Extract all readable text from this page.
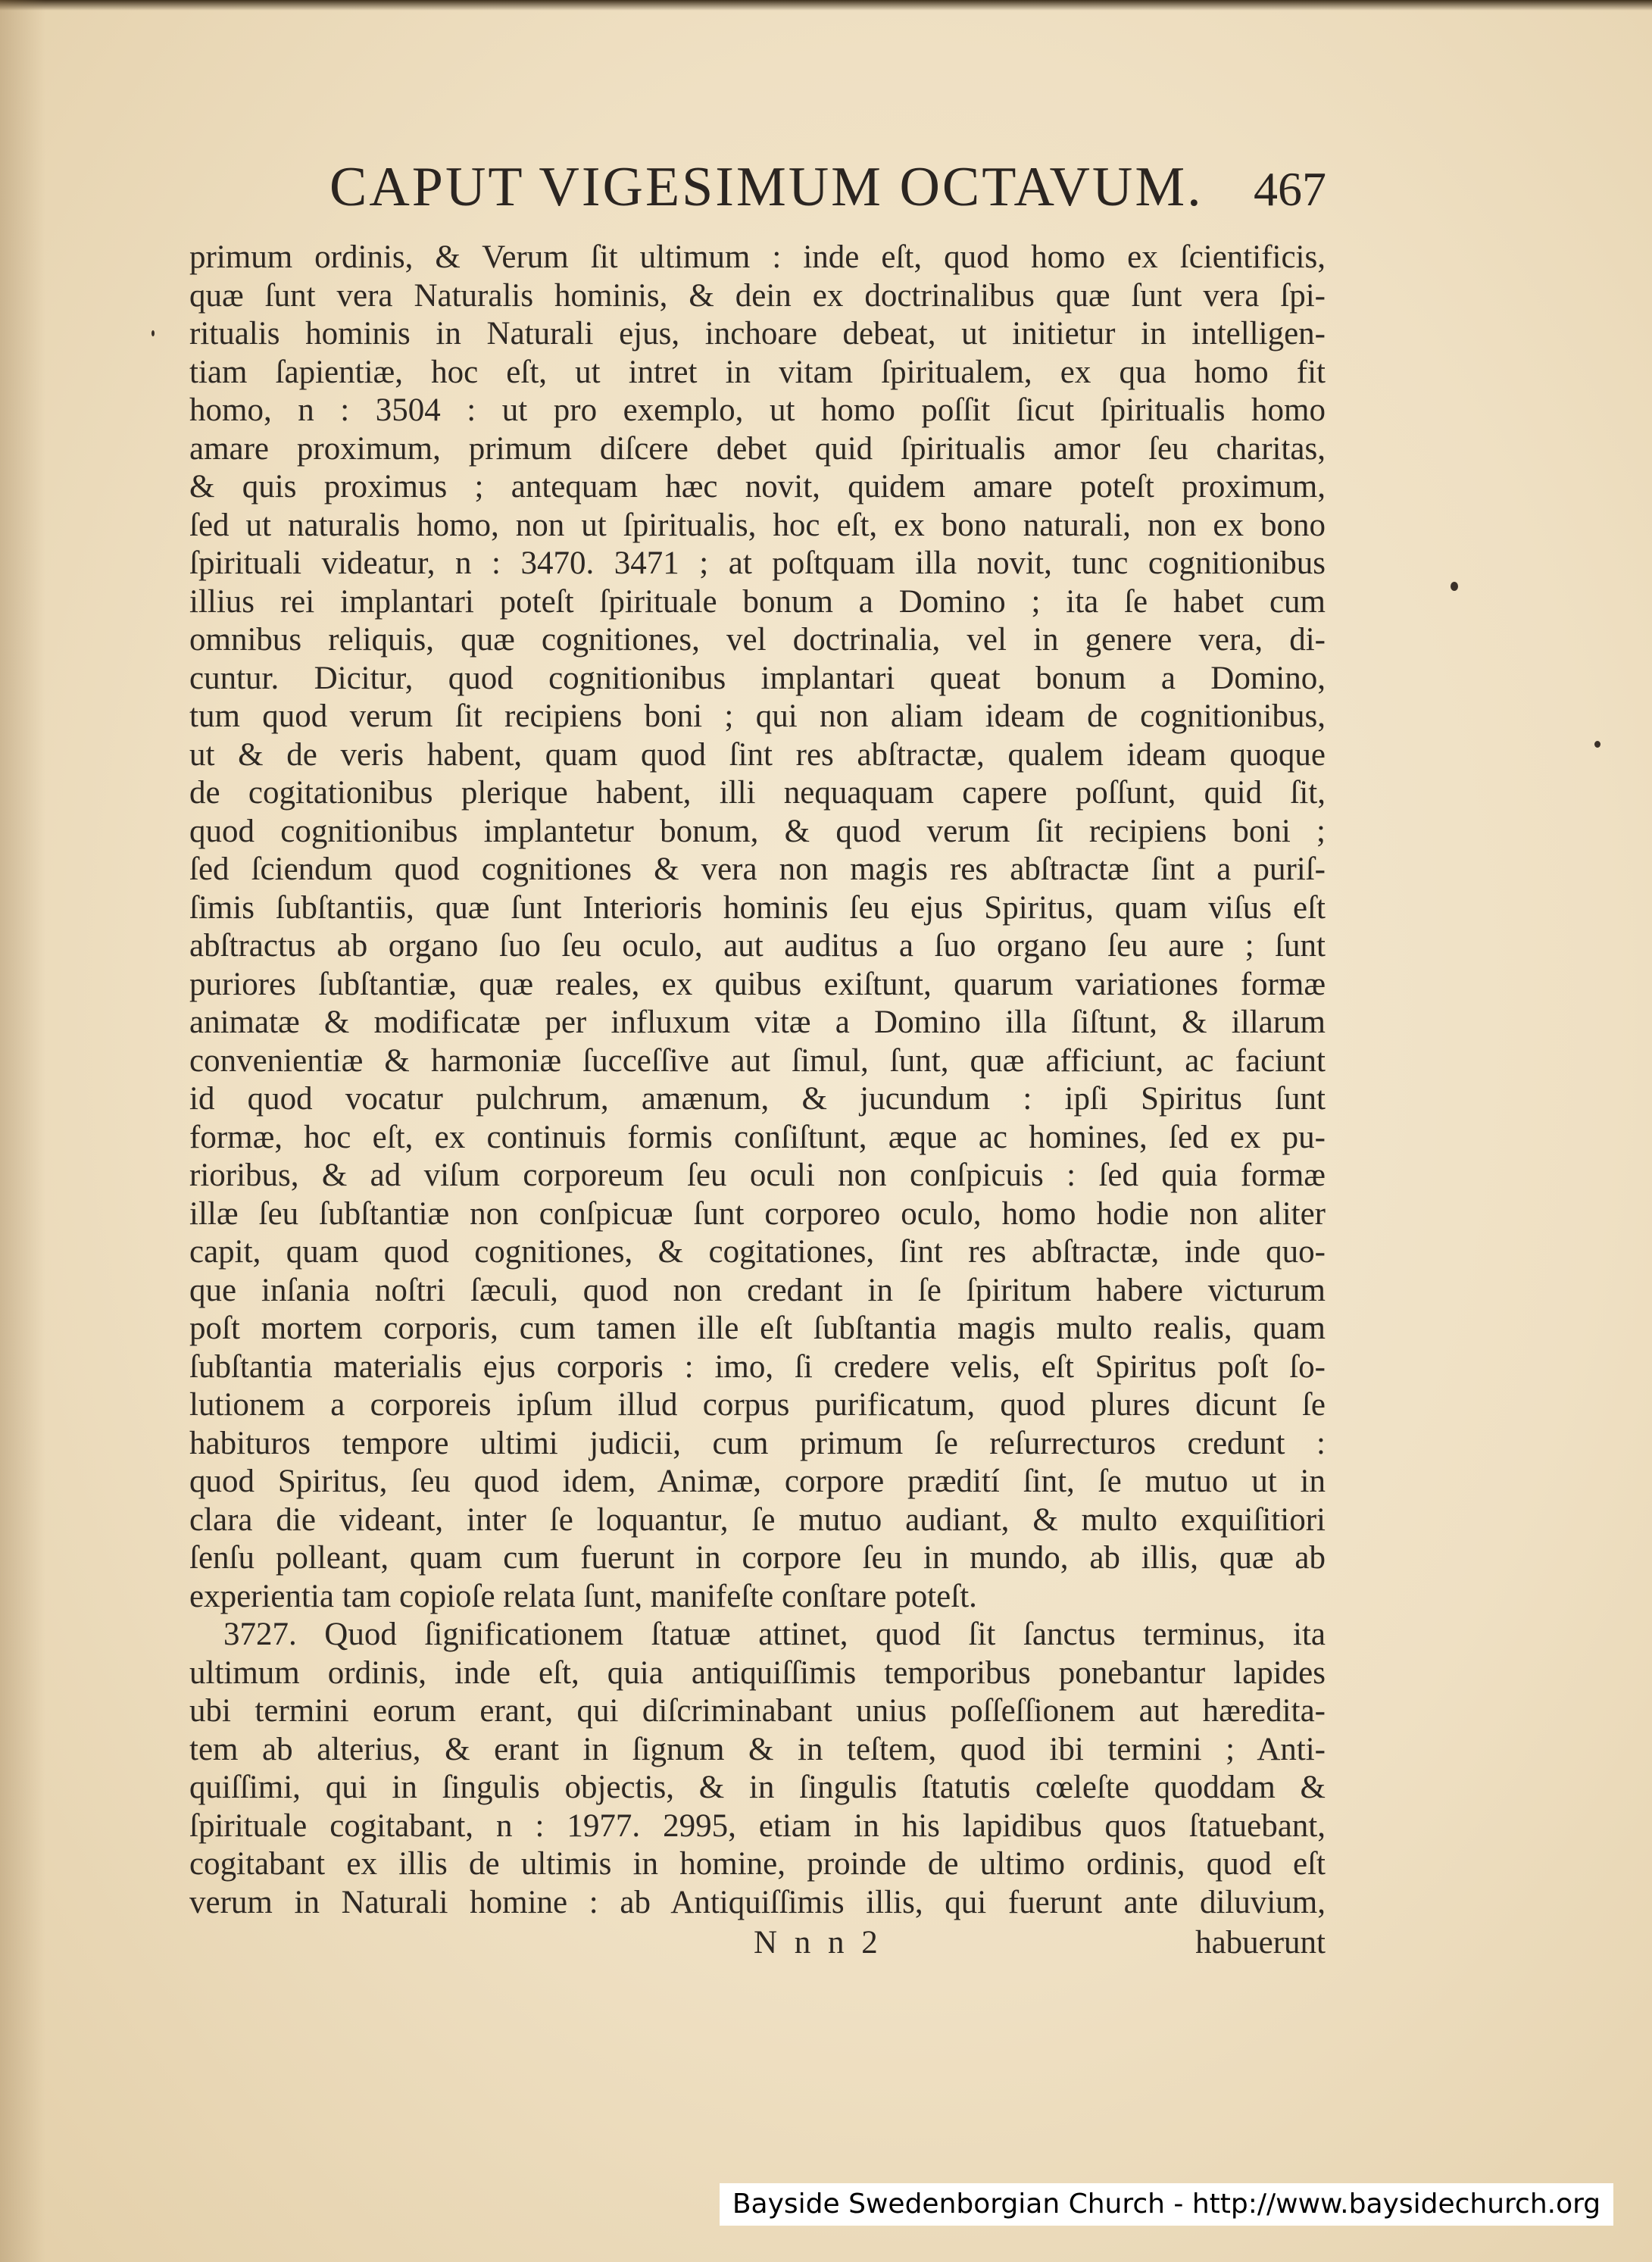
CAPUT VIGESIMUM OCTAVUM. 467
primum ordinis, & Verum ſit ultimum : inde eſt, quod homo ex ſcientificis,
quæ ſunt vera Naturalis hominis, & dein ex doctrinalibus quæ ſunt vera ſpi-
ritualis hominis in Naturali ejus, inchoare debeat, ut initietur in intelligen-
tiam ſapientiæ, hoc eſt, ut intret in vitam ſpiritualem, ex qua homo fit
homo, n : 3504 : ut pro exemplo, ut homo poſſit ſicut ſpiritualis homo
amare proximum, primum diſcere debet quid ſpiritualis amor ſeu charitas,
& quis proximus ; antequam hæc novit, quidem amare poteſt proximum,
ſed ut naturalis homo, non ut ſpiritualis, hoc eſt, ex bono naturali, non ex bono
ſpirituali videatur, n : 3470. 3471 ; at poſtquam illa novit, tunc cognitionibus
illius rei implantari poteſt ſpirituale bonum a Domino ; ita ſe habet cum
omnibus reliquis, quæ cognitiones, vel doctrinalia, vel in genere vera, di-
cuntur. Dicitur, quod cognitionibus implantari queat bonum a Domino,
tum quod verum ſit recipiens boni ; qui non aliam ideam de cognitionibus,
ut & de veris habent, quam quod ſint res abſtractæ, qualem ideam quoque
de cogitationibus plerique habent, illi nequaquam capere poſſunt, quid ſit,
quod cognitionibus implantetur bonum, & quod verum ſit recipiens boni ;
ſed ſciendum quod cognitiones & vera non magis res abſtractæ ſint a puriſ-
ſimis ſubſtantiis, quæ ſunt Interioris hominis ſeu ejus Spiritus, quam viſus eſt
abſtractus ab organo ſuo ſeu oculo, aut auditus a ſuo organo ſeu aure ; ſunt
puriores ſubſtantiæ, quæ reales, ex quibus exiſtunt, quarum variationes formæ
animatæ & modificatæ per influxum vitæ a Domino illa ſiſtunt, & illarum
convenientiæ & harmoniæ ſucceſſive aut ſimul, ſunt, quæ afficiunt, ac faciunt
id quod vocatur pulchrum, amænum, & jucundum : ipſi Spiritus ſunt
formæ, hoc eſt, ex continuis formis conſiſtunt, æque ac homines, ſed ex pu-
rioribus, & ad viſum corporeum ſeu oculi non conſpicuis : ſed quia formæ
illæ ſeu ſubſtantiæ non conſpicuæ ſunt corporeo oculo, homo hodie non aliter
capit, quam quod cognitiones, & cogitationes, ſint res abſtractæ, inde quo-
que inſania noſtri ſæculi, quod non credant in ſe ſpiritum habere victurum
poſt mortem corporis, cum tamen ille eſt ſubſtantia magis multo realis, quam
ſubſtantia materialis ejus corporis : imo, ſi credere velis, eſt Spiritus poſt ſo-
lutionem a corporeis ipſum illud corpus purificatum, quod plures dicunt ſe
habituros tempore ultimi judicii, cum primum ſe reſurrecturos credunt :
quod Spiritus, ſeu quod idem, Animæ, corpore prædití ſint, ſe mutuo ut in
clara die videant, inter ſe loquantur, ſe mutuo audiant, & multo exquiſitiori
ſenſu polleant, quam cum fuerunt in corpore ſeu in mundo, ab illis, quæ ab
experientia tam copioſe relata ſunt, manifeſte conſtare poteſt.
3727. Quod ſignificationem ſtatuæ attinet, quod ſit ſanctus terminus, ita
ultimum ordinis, inde eſt, quia antiquiſſimis temporibus ponebantur lapides
ubi termini eorum erant, qui diſcriminabant unius poſſeſſionem aut hæredita-
tem ab alterius, & erant in ſignum & in teſtem, quod ibi termini ; Anti-
quiſſimi, qui in ſingulis objectis, & in ſingulis ſtatutis cœleſte quoddam &
ſpirituale cogitabant, n : 1977. 2995, etiam in his lapidibus quos ſtatuebant,
cogitabant ex illis de ultimis in homine, proinde de ultimo ordinis, quod eſt
verum in Naturali homine : ab Antiquiſſimis illis, qui fuerunt ante diluvium,
N n n 2	habuerunt
Bayside Swedenborgian Church - http://www.baysidechurch.org
